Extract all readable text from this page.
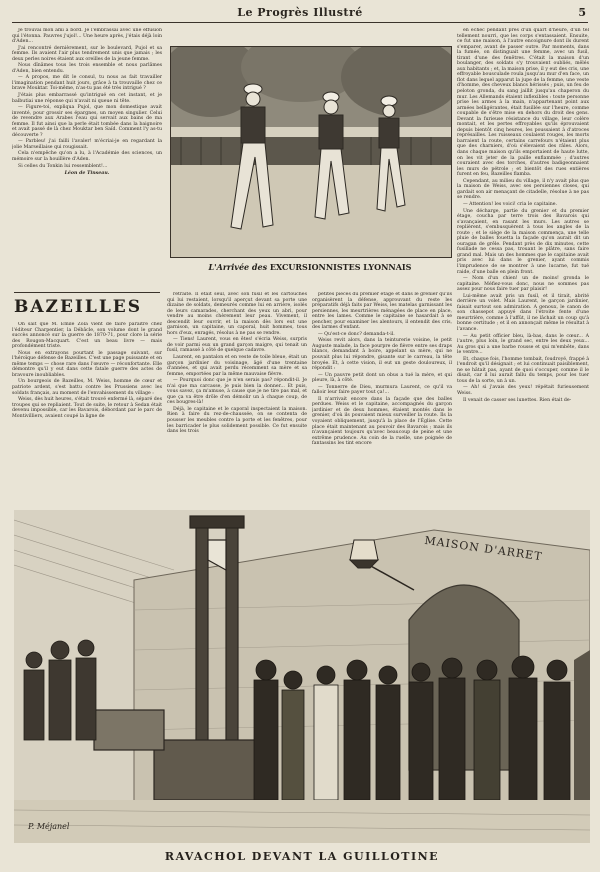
Le Progrès Illustré	5

Je trouvai mon ami à bord. Je l'embrassai avec une effusion qui l'étonna. Pauvres j'ujol!... Une heure après, j'étais déjà loin d'Aden...

J'ai rencontré dernièrement, sur le boulevard, Pujol et sa femme. Ils avaient l'air plus tendrement unis que jamais ; les deux perles noires étaient aux oreilles de la jeune femme.

Nous dînâmes tous les trois ensemble et nous parlâmes d'Aden, bien entendu.

— A propos, me dit le consul, tu nous as fait travailler l'imagination pendant huit jours, grâce à ta trouvaille chez ce brave Mouktar. Toi-même, n'as-tu pas été très intrigué ?

J'étais plus embarrassé qu'intrigué en cet instant, et je balbutiai une réponse qui n'avait ni queue ni tête.

— Figure-toi, expliqua Pujol, que mon domestique avait inventé, pour grossir ses épargnes, un moyen singulier. Celui de revendre aux Arabes l'eau qui servait aux bains de ma femme. Il fut ainsi que la perle était tombée dans la baignoire et avait passé de là chez Mouktar ben Saïd. Comment l'y as-tu découverte ?

— Parbleu! j'ai failli l'avaler! m'écriai-je en regardant la jolie Marseillaise qui rougissait.

Cela n'empêche qu'on a lu, à l'Académie des sciences, un mémoire sur la houillère d'Aden.

Si celles du Tonkin lui ressemblent!...

Léon de Tinseau.

BAZEILLES

On sait que M. Emile Zola vient de faire paraître chez l'éditeur Charpentier, la Débâcle, son volume dont le grand succès annoncé sur la guerre de 1870-71, pour clore la série des Rougon-Macquart. C'est un beau livre — mais profondément triste.

Nous en extrayons pourtant le passage suivant, sur l'héroïque défense de Bazeilles. C'est une page puissante et en même temps — chose rare dans l'œuvre — réconfortante. Elle démontre qu'il y eut dans cette fatale guerre des actes de bravoure inoubliables.

Un bourgeois de Bazeilles, M. Weiss, homme de cœur et patriote ardent, s'est battu contre les Prussiens avec les soldats français, au moment de l'envahissement du village :

Weiss, dès huit heures, s'était trouvé enfermé là, séparé des troupes qui se repliaient. Tout de suite, le retour à Sedan était devenu impossible, car les Bavarois, débordant par le parc de Montivilliers, avaient coupé la ligne de

retraite. Il était seul, avec son fusil et les cartouches qui lui restaient, lorsqu'il aperçut devant sa porte une dizaine de soldats, demeurés comme lui en arrière, isolés de leurs camarades, cherchant des yeux un abri, pour vendre au moins chèrement leur peau. Vivement, il descendit leur ouvrir, et la maison dès lors eut une garnison, un capitaine, un caporal, huit hommes, tous hors d'eux, enragés, résolus à ne pas se rendre.

— Tiens! Laurent, vous en êtes! s'écria Weiss, surpris de voir parmi eux un grand garçon maigre, qui tenait un fusil, ramassé à côté de quelque cadavre.

Laurent, en pantalon et en veste de toile bleue, était un garçon jardinier du voisinage, âgé d'une trentaine d'années, et qui avait perdu récemment sa mère et sa femme, emportées par la même mauvaise fièvre.

— Pourquoi donc que je n'en serais pas? répondit-il. Je n'ai que ma carcasse, je puis bien la donner... Et puis, vous savez, ça m'amuse, à cause que je ne tire pas mal, et que ça va être drôle d'en démolir un à chaque coup, de ces bougres-là!

Déjà, le capitaine et le caporal inspectaient la maison. Rien à faire du rez-de-chaussée, on se contenta de pousser les meubles contre la porte et les fenêtres, pour les barricader le plus solidement possible. Ce fut ensuite dans les trois

petites pièces du premier étage et dans le grenier qu'ils organisèrent la défense, approuvant du reste les préparatifs déjà faits par Weiss, les matelas garnissant les persiennes, les meurtrières ménagées de place en place, entre les lames. Comme le capitaine se hasardait à se pencher, pour examiner les alentours, il entendit des cris, des larmes d'enfant.

— Qu'est-ce donc? demanda-t-il.

Weiss revit alors, dans la teinturerie voisine, le petit Auguste malade, la face pourpre de fièvre entre ses draps blancs, demandant à boire, appelant sa mère, qui ne pouvait plus lui répondre, gisante sur le carreau, la tête broyée. Et, à cette vision, il eut un geste douloureux, il répondit :

— Un pauvre petit dont un obus a tué la mère, et qui pleure, là, à côté.

— Tonnerre de Dieu, murmura Laurent, ce qu'il va falloir leur faire payer tout ça!...

Il n'arrivait encore dans la façade que des balles perdues. Weiss et le capitaine, accompagnés du garçon jardinier et de deux hommes, étaient montés dans le grenier, d'où ils pouvaient mieux surveiller la route. Ils la voyaient obliquement, jusqu'à la place de l'Église. Cette place était maintenant au pouvoir des Bavarois ; mais ils n'avançaient toujours qu'avec beaucoup de peine et une extrême prudence. Au coin de la ruelle, une poignée de fantassins les tint encore

en échec pendant près d'un quart d'heure, d'un tel tellement nourri, que les corps s'entassaient. Ensuite, ce fut une maison, à l'autre encoignure dont ils durent s'emparer, avant de passer outre. Par moments, dans la fumée, on distinguait une femme, avec un fusil, tirant d'une des fenêtres. C'était la maison d'un boulanger, des soldats s'y trouvaient oubliés, mêlés aux habitants ; et, la maison prise, il y eut des cris, une effroyable bousculade roula jusqu'au mur d'en face, un flot dans lequel apparut la jupe de la femme, une veste d'homme, des cheveux blancs hérissés ; puis, un feu de peloton gronda, du sang jaillit jusqu'au chaperon du mur. Les Allemands étaient inflexibles : toute personne prise les armes à la main, n'appartenant point aux armées belligérantes, était fusillée sur l'heure, comme coupable de s'être mise en dehors du droit des gens. Devant la furieuse résistance du village, leur colère montait, et les pertes effroyables qu'ils éprouvaient depuis bientôt cinq heures, les poussaient à d'atroces représailles. Les ruisseaux coulaient rouges, les morts barraient la route, certains carrefours n'étaient plus que des charniers, d'où s'élevaient des râles. Alors, dans chaque maison qu'ils emportaient de haute lutte, on les vit jeter de la paille enflammée ; d'autres couraient avec des torches, d'autres badigeonnaient les murs de pétrole ; et bientôt des rues entières furent en feu, Bazeilles flamba.

Cependant, au milieu du village, il n'y avait plus que la maison de Weiss, avec ses persiennes closes, qui gardait son air menaçant de citadelle, résolue à ne pas se rendre.

— Attention! les voici! cria le capitaine.

Une décharge, partie du grenier et du premier étage, coucha par terre trois des Bavarois qui s'avançaient, en rasant les murs. Les autres se replièrent, s'embusquèrent à tous les angles de la route ; et le siège de la maison commença, une telle pluie de balles fouetta la façade qu'on aurait dit un ouragan de grêle. Pendant près de dix minutes, cette fusillade ne cessa pas, trouant le plâtre, sans faire grand mal. Mais un des hommes que le capitaine avait pris avec lui dans le grenier, ayant commis l'imprudence de se montrer à une lucarne, fut tué raide, d'une balle en plein front.

— Nom d'un chien! un de moins! gronda le capitaine. Méfiez-vous donc, nous ne sommes pas assez pour nous faire tuer par plaisir!

Lui-même avait pris un fusil, et il tirait, abrité derrière un volet. Mais Laurent, le garçon jardinier, faisait surtout son admiration. A genoux, le canon de son chassepot appuyé dans l'étroite fente d'une meurtrière, comme à l'affût, il ne lâchait un coup qu'à bonne certitude ; et il en annonçait même le résultat à l'avance.

— Au petit officier bleu, là-bas, dans le cœur... A l'autre, plus loin, le grand sec, entre les deux yeux... Au gros qui a une barbe rousse et qui m'embête, dans le ventre...

Et, chaque fois, l'homme tombait, foudroyé, frappé à l'endroit qu'il désignait ; et lui continuait paisiblement, ne se hâtait pas, ayant de quoi s'occuper, comme il le disait, car il lui aurait fallu du temps, pour les tuer tous de la sorte, un à un.

— Ah! si j'avais des yeux! répétait furieusement Weiss.

Il venait de casser ses lunettes. Rien était de-

L'Arrivée des EXCURSIONNISTES LYONNAIS
MAISON D'ARRET
P. Méjanel
RAVACHOL DEVANT LA GUILLOTINE
